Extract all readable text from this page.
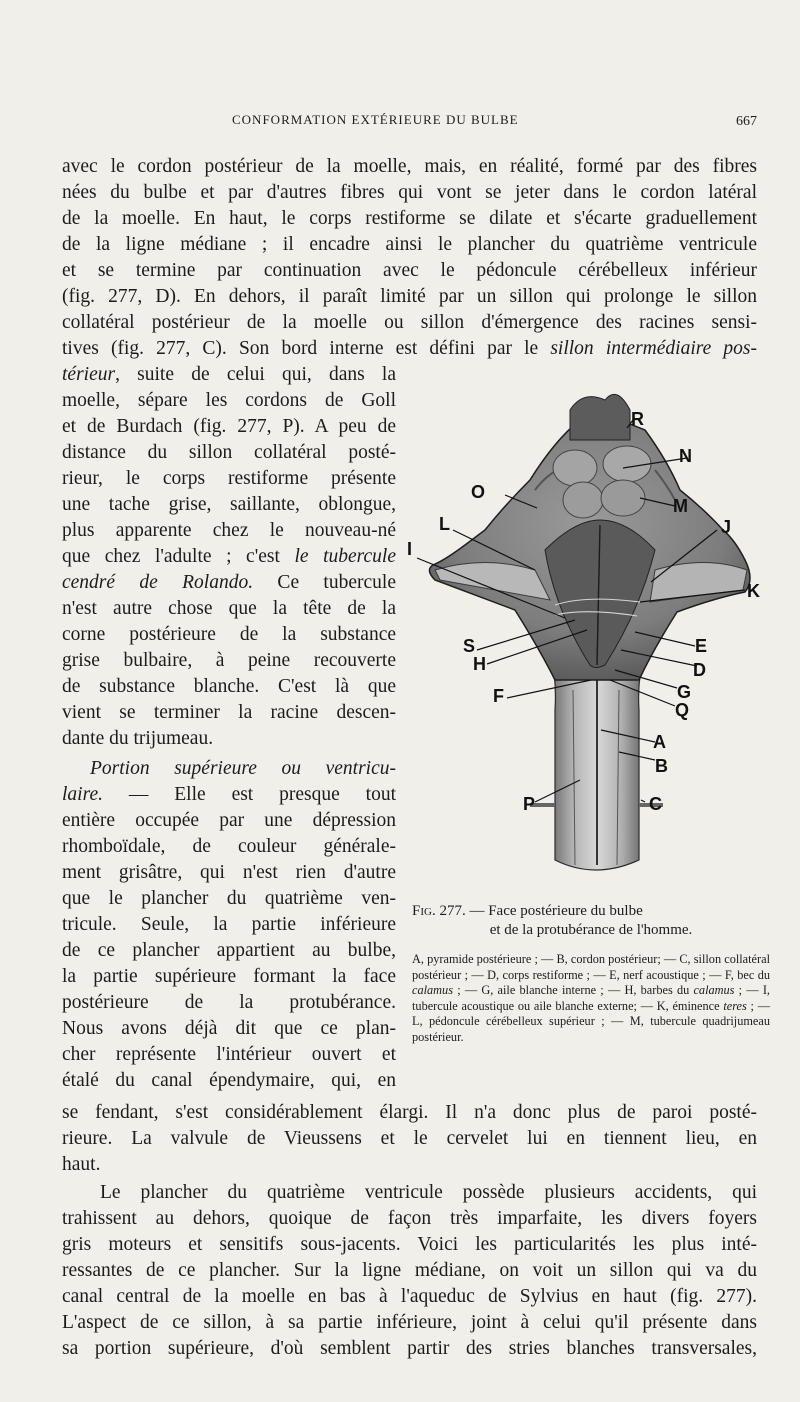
CONFORMATION EXTÉRIEURE DU BULBE	667
avec le cordon postérieur de la moelle, mais, en réalité, formé par des fibres
nées du bulbe et par d'autres fibres qui vont se jeter dans le cordon latéral
de la moelle. En haut, le corps restiforme se dilate et s'écarte graduellement
de la ligne médiane ; il encadre ainsi le plancher du quatrième ventricule
et se termine par continuation avec le pédoncule cérébelleux inférieur
(fig. 277, D). En dehors, il paraît limité par un sillon qui prolonge le sillon
collatéral postérieur de la moelle ou sillon d'émergence des racines sensi-
tives (fig. 277, C). Son bord interne est défini par le sillon intermédiaire pos-
térieur, suite de celui qui, dans la
moelle, sépare les cordons de Goll
et de Burdach (fig. 277, P). A peu de
distance du sillon collatéral posté-
rieur, le corps restiforme présente
une tache grise, saillante, oblongue,
plus apparente chez le nouveau-né
que chez l'adulte ; c'est le tubercule
cendré de Rolando. Ce tubercule
n'est autre chose que la tête de la
corne postérieure de la substance
grise bulbaire, à peine recouverte
de substance blanche. C'est là que
vient se terminer la racine descen-
dante du trijumeau.
Portion supérieure ou ventricu-
laire. — Elle est presque tout
entière occupée par une dépression
rhomboïdale, de couleur générale-
ment grisâtre, qui n'est rien d'autre
que le plancher du quatrième ven-
tricule. Seule, la partie inférieure
de ce plancher appartient au bulbe,
la partie supérieure formant la face
postérieure de la protubérance.
Nous avons déjà dit que ce plan-
cher représente l'intérieur ouvert et
étalé du canal épendymaire, qui, en
se fendant, s'est considérablement élargi. Il n'a donc plus de paroi posté-
rieure. La valvule de Vieussens et le cervelet lui en tiennent lieu, en
haut.
Le plancher du quatrième ventricule possède plusieurs accidents, qui
trahissent au dehors, quoique de façon très imparfaite, les divers foyers
gris moteurs et sensitifs sous-jacents. Voici les particularités les plus inté-
ressantes de ce plancher. Sur la ligne médiane, on voit un sillon qui va du
canal central de la moelle en bas à l'aqueduc de Sylvius en haut (fig. 277).
L'aspect de ce sillon, à sa partie inférieure, joint à celui qu'il présente dans
sa portion supérieure, d'où semblent partir des stries blanches transversales,
R
N
O
M
L	J
I
K
S	E
H	D
G
Q
F
A
B
P	C
Fig. 277. — Face postérieure du bulbe
et de la protubérance de l'homme.
A, pyramide postérieure ; — B, cordon postérieur; — C, sillon collatéral postérieur ; — D, corps restiforme ; — E, nerf acoustique ; — F, bec du calamus ; — G, aile blanche interne ; — H, barbes du calamus ; — I, tubercule acoustique ou aile blanche externe; — K, éminence teres ; — L, pédoncule cérébelleux supérieur ; — M, tubercule quadrijumeau postérieur.
